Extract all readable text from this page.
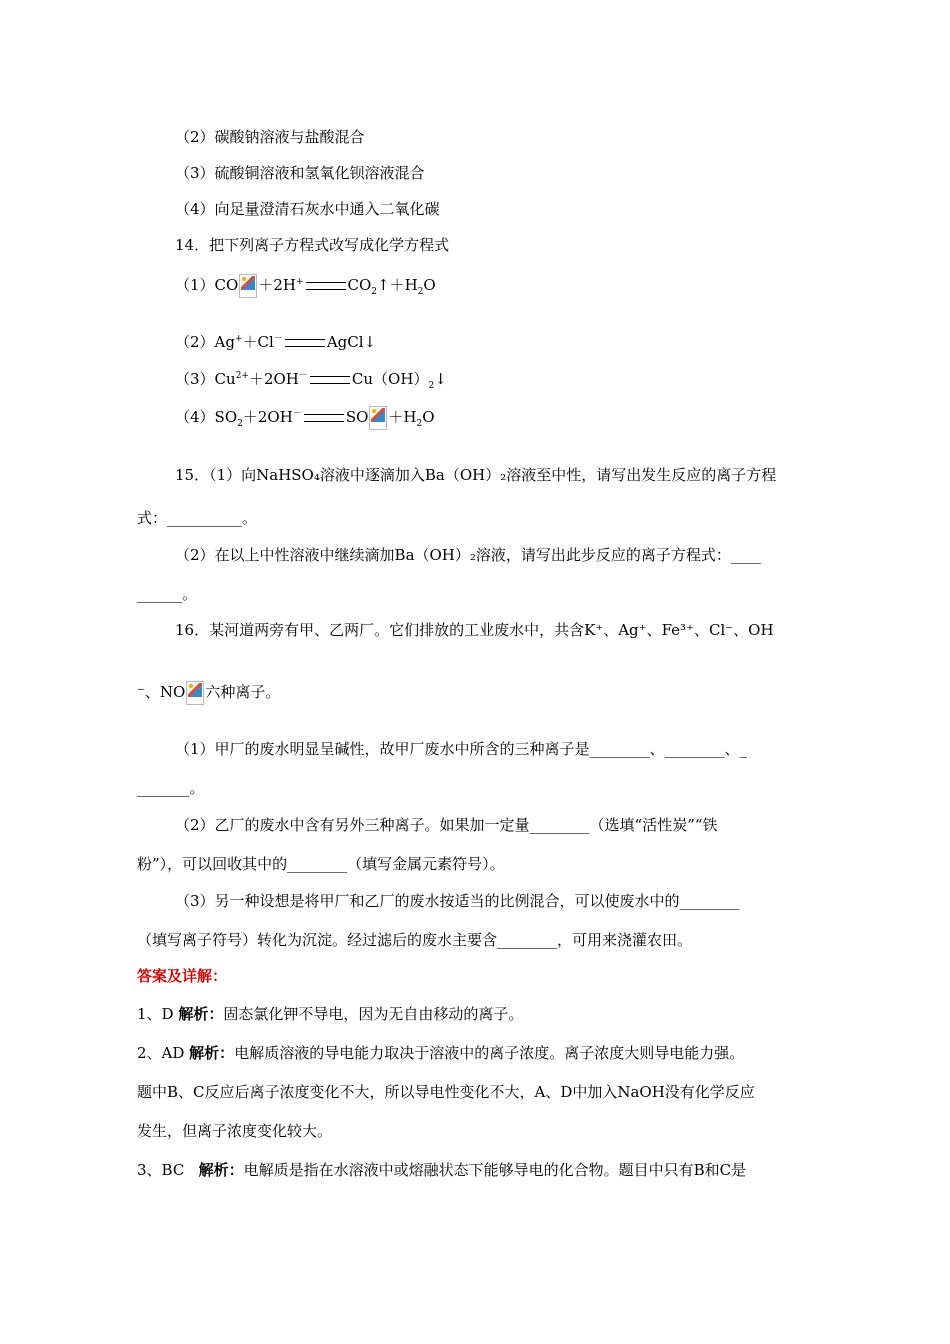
（2）碳酸钠溶液与盐酸混合
（3）硫酸铜溶液和氢氧化钡溶液混合
（4）向足量澄清石灰水中通入二氧化碳
14．把下列离子方程式改写成化学方程式
（1）CO ＋2H+	$CO_2↑+H_2O$
（2）Ag+＋Cl－	AgCl↓
$(3)Cu^{2+}+2OH^-$	$Cu(OH)_2↓$
$(4)SO_2+2OH^-$	SO $+H_2O$
15．（1）向NaHSO₄溶液中逐滴加入Ba（OH）₂溶液至中性，请写出发生反应的离子方程
式：__________。
（2）在以上中性溶液中继续滴加Ba（OH）₂溶液，请写出此步反应的离子方程式：____
______。
16．某河道两旁有甲、乙两厂。它们排放的工业废水中，共含K⁺、Ag⁺、Fe³⁺、Cl⁻、OH
⁻、NO 六种离子。
（1）甲厂的废水明显呈碱性，故甲厂废水中所含的三种离子是________、________、_
_______。
（2）乙厂的废水中含有另外三种离子。如果加一定量________（选填“活性炭”“铁
粉”），可以回收其中的________（填写金属元素符号）。
（3）另一种设想是将甲厂和乙厂的废水按适当的比例混合，可以使废水中的________
（填写离子符号）转化为沉淀。经过滤后的废水主要含________，可用来浇灌农田。
答案及详解：
1、D 解析：固态氯化钾不导电，因为无自由移动的离子。
2、AD 解析：电解质溶液的导电能力取决于溶液中的离子浓度。离子浓度大则导电能力强。
题中B、C反应后离子浓度变化不大，所以导电性变化不大，A、D中加入NaOH没有化学反应
发生，但离子浓度变化较大。
3、BC   解析：电解质是指在水溶液中或熔融状态下能够导电的化合物。题目中只有B和C是
